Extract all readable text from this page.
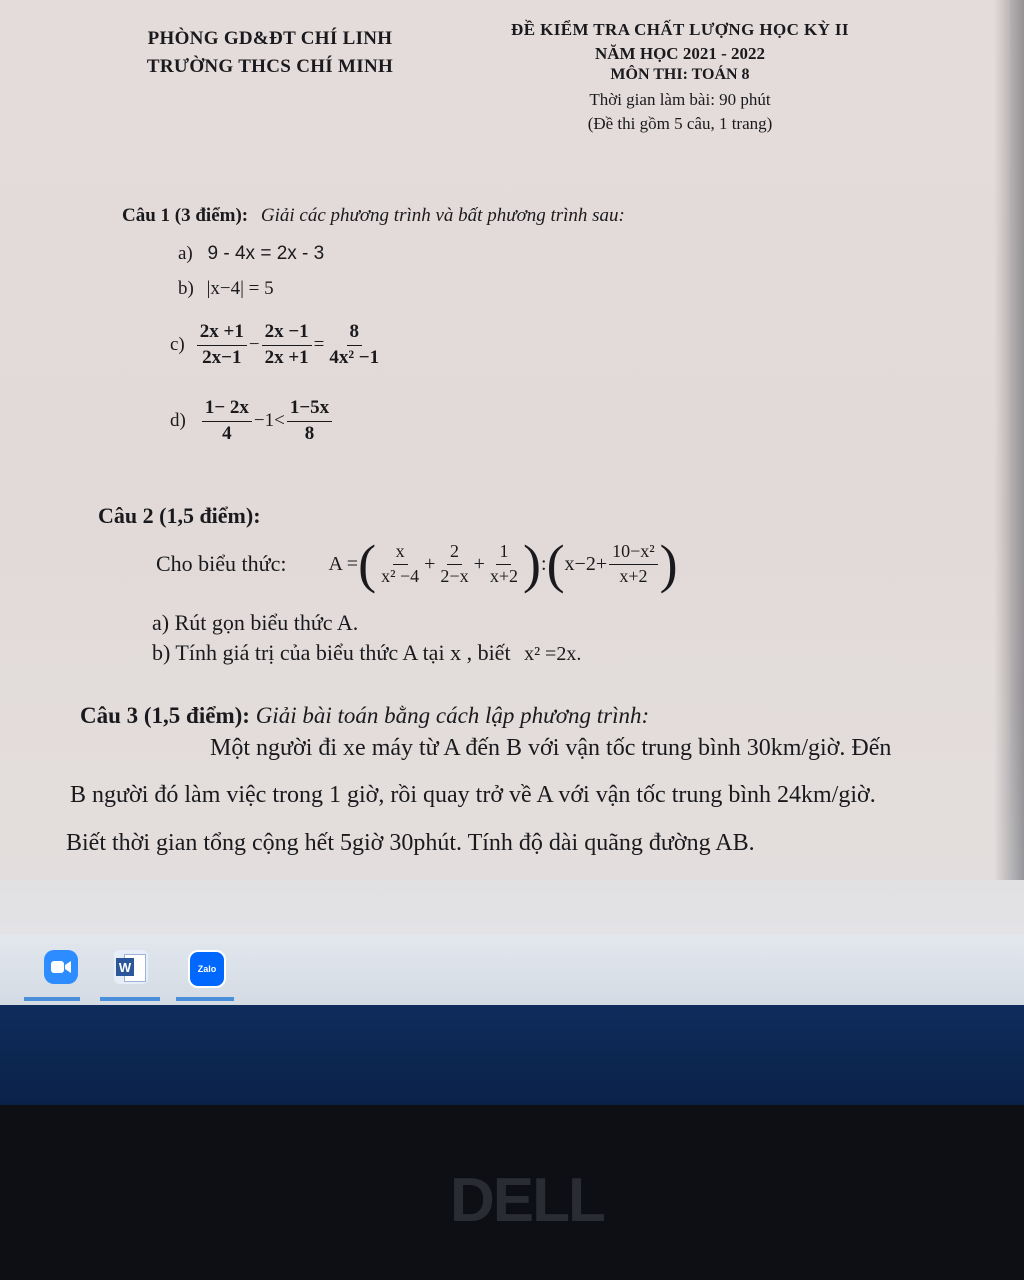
PHÒNG GD&ĐT CHÍ LINH
TRƯỜNG THCS CHÍ MINH
ĐỀ KIỂM TRA CHẤT LƯỢNG HỌC KỲ II
NĂM HỌC 2021 - 2022
MÔN THI: TOÁN 8
Thời gian làm bài: 90 phút
(Đề thi gồm 5 câu, 1 trang)
Câu 1 (3 điểm): Giải các phương trình và bất phương trình sau:
a) 9 - 4x = 2x - 3
b) |x−4| = 5
$c) \frac{2x +1}{2x-1} - \frac{2x -1}{2x +1} = \frac{8}{\text{4x² −1}}$
$d) \frac{1- 2x}{4} -1< \frac{1-5x}{8}$
Câu 2 (1,5 điểm):
Cho biểu thức: A = ( $\frac{x}{\text{x² −4}} + \frac{2}{2-x} + \frac{1}{x+2}$ ) : ( $x-2+ \frac{\text{10−x²}}{x+2}$ )
a) Rút gọn biểu thức A.
b) Tính giá trị của biểu thức A tại x , biết x² =2x.
Câu 3 (1,5 điểm): Giải bài toán bằng cách lập phương trình:
Một người đi xe máy từ A đến B với vận tốc trung bình 30km/giờ. Đến
B người đó làm việc trong 1 giờ, rồi quay trở về A với vận tốc trung bình 24km/giờ.
Biết thời gian tổng cộng hết 5giờ 30phút. Tính độ dài quãng đường AB.
W	Zalo
DELL
